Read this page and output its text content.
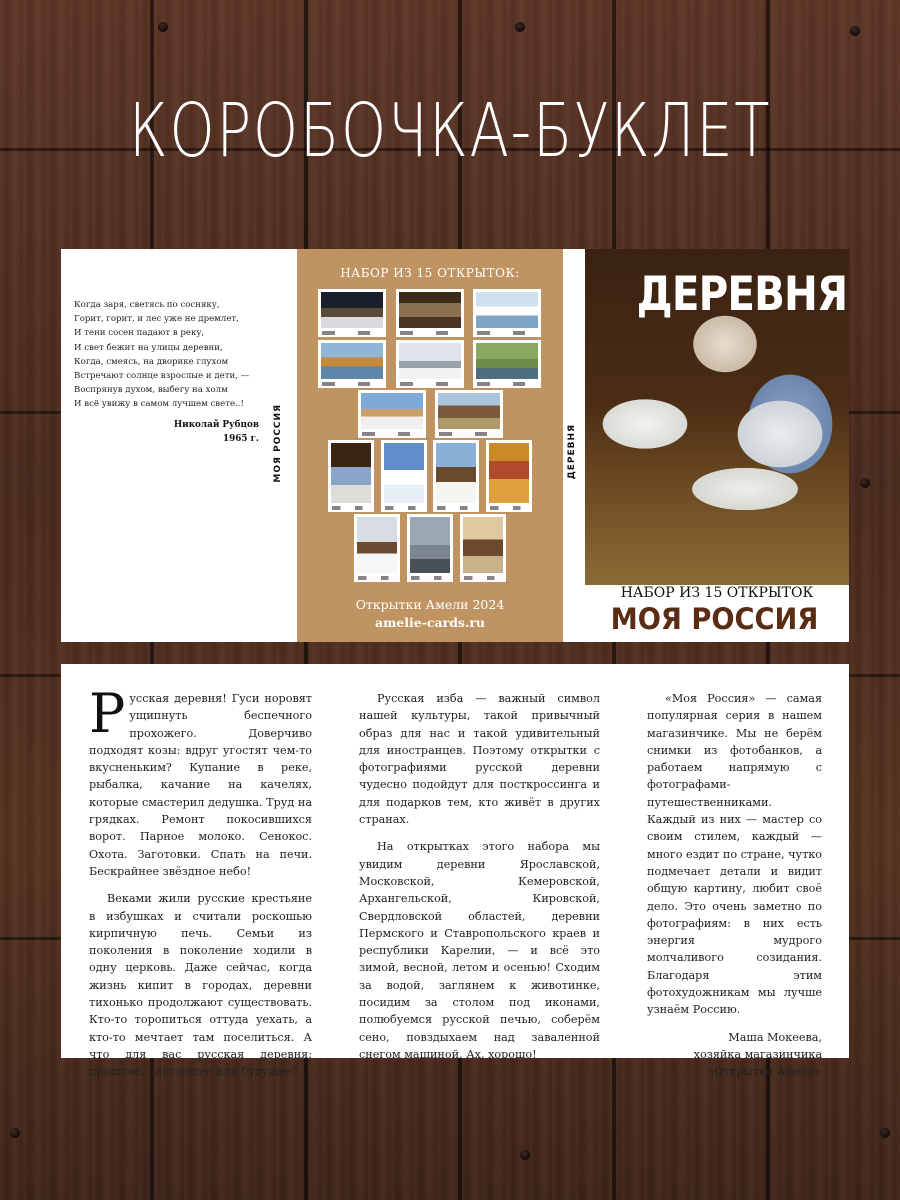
КОРОБОЧКА-БУКЛЕТ
Когда заря, светясь по сосняку,
Горит, горит, и лес уже не дремлет,
И тени сосен падают в реку,
И свет бежит на улицы деревни,
Когда, смеясь, на дворике глухом
Встречают солнце взрослые и дети, —
Воспрянув духом, выбегу на холм
И всё увижу в самом лучшем свете..!
Николай Рубцов
1965 г. МОЯ РОССИЯ
НАБОР ИЗ 15 ОТКРЫТОК:
Открытки Амели 2024
amelie-cards.ru
ДЕРЕВНЯ
ДЕРЕВНЯ
НАБОР ИЗ 15 ОТКРЫТОК
МОЯ РОССИЯ

Русская деревня! Гуси норовят ущипнуть беспечного прохожего. Доверчиво подходят козы: вдруг угостят чем-то вкусненьким? Купание в реке, рыбалка, качание на качелях, которые смастерил дедушка. Труд на грядках. Ремонт покосившихся ворот. Парное молоко. Сенокос. Охота. Заготовки. Спать на печи. Бескрайнее звёздное небо!

Веками жили русские крестьяне в избушках и считали роскошью кирпичную печь. Семьи из поколения в поколение ходили в одну церковь. Даже сейчас, когда жизнь кипит в городах, деревни тихонько продолжают существовать. Кто-то торопиться оттуда уехать, а кто-то мечтает там поселиться. А что для вас русская деревня: прошлое, настоящее или будущее?

Русская изба — важный символ нашей культуры, такой привычный образ для нас и такой удивительный для иностранцев. Поэтому открытки с фотографиями русской деревни чудесно подойдут для посткроссинга и для подарков тем, кто живёт в других странах.

На открытках этого набора мы увидим деревни Ярославской, Московской, Кемеровской, Архангельской, Кировской, Свердловской областей, деревни Пермского и Ставропольского краев и республики Карелии, — и всё это зимой, весной, летом и осенью! Сходим за водой, заглянем к животинке, посидим за столом под иконами, полюбуемся русской печью, соберём сено, повздыхаем над заваленной снегом машиной. Ах, хорошо!

«Моя Россия» — самая популярная серия в нашем магазинчике. Мы не берём снимки из фотобанков, а работаем напрямую с фотографами-путешественниками. Каждый из них — мастер со своим стилем, каждый — много ездит по стране, чутко подмечает детали и видит общую картину, любит своё дело. Это очень заметно по фотографиям: в них есть энергия мудрого молчаливого созидания. Благодаря этим фотохудожникам мы лучше узнаём Россию.

Маша Мокеева,
хозяйка магазинчика
«Открытки Амели»
